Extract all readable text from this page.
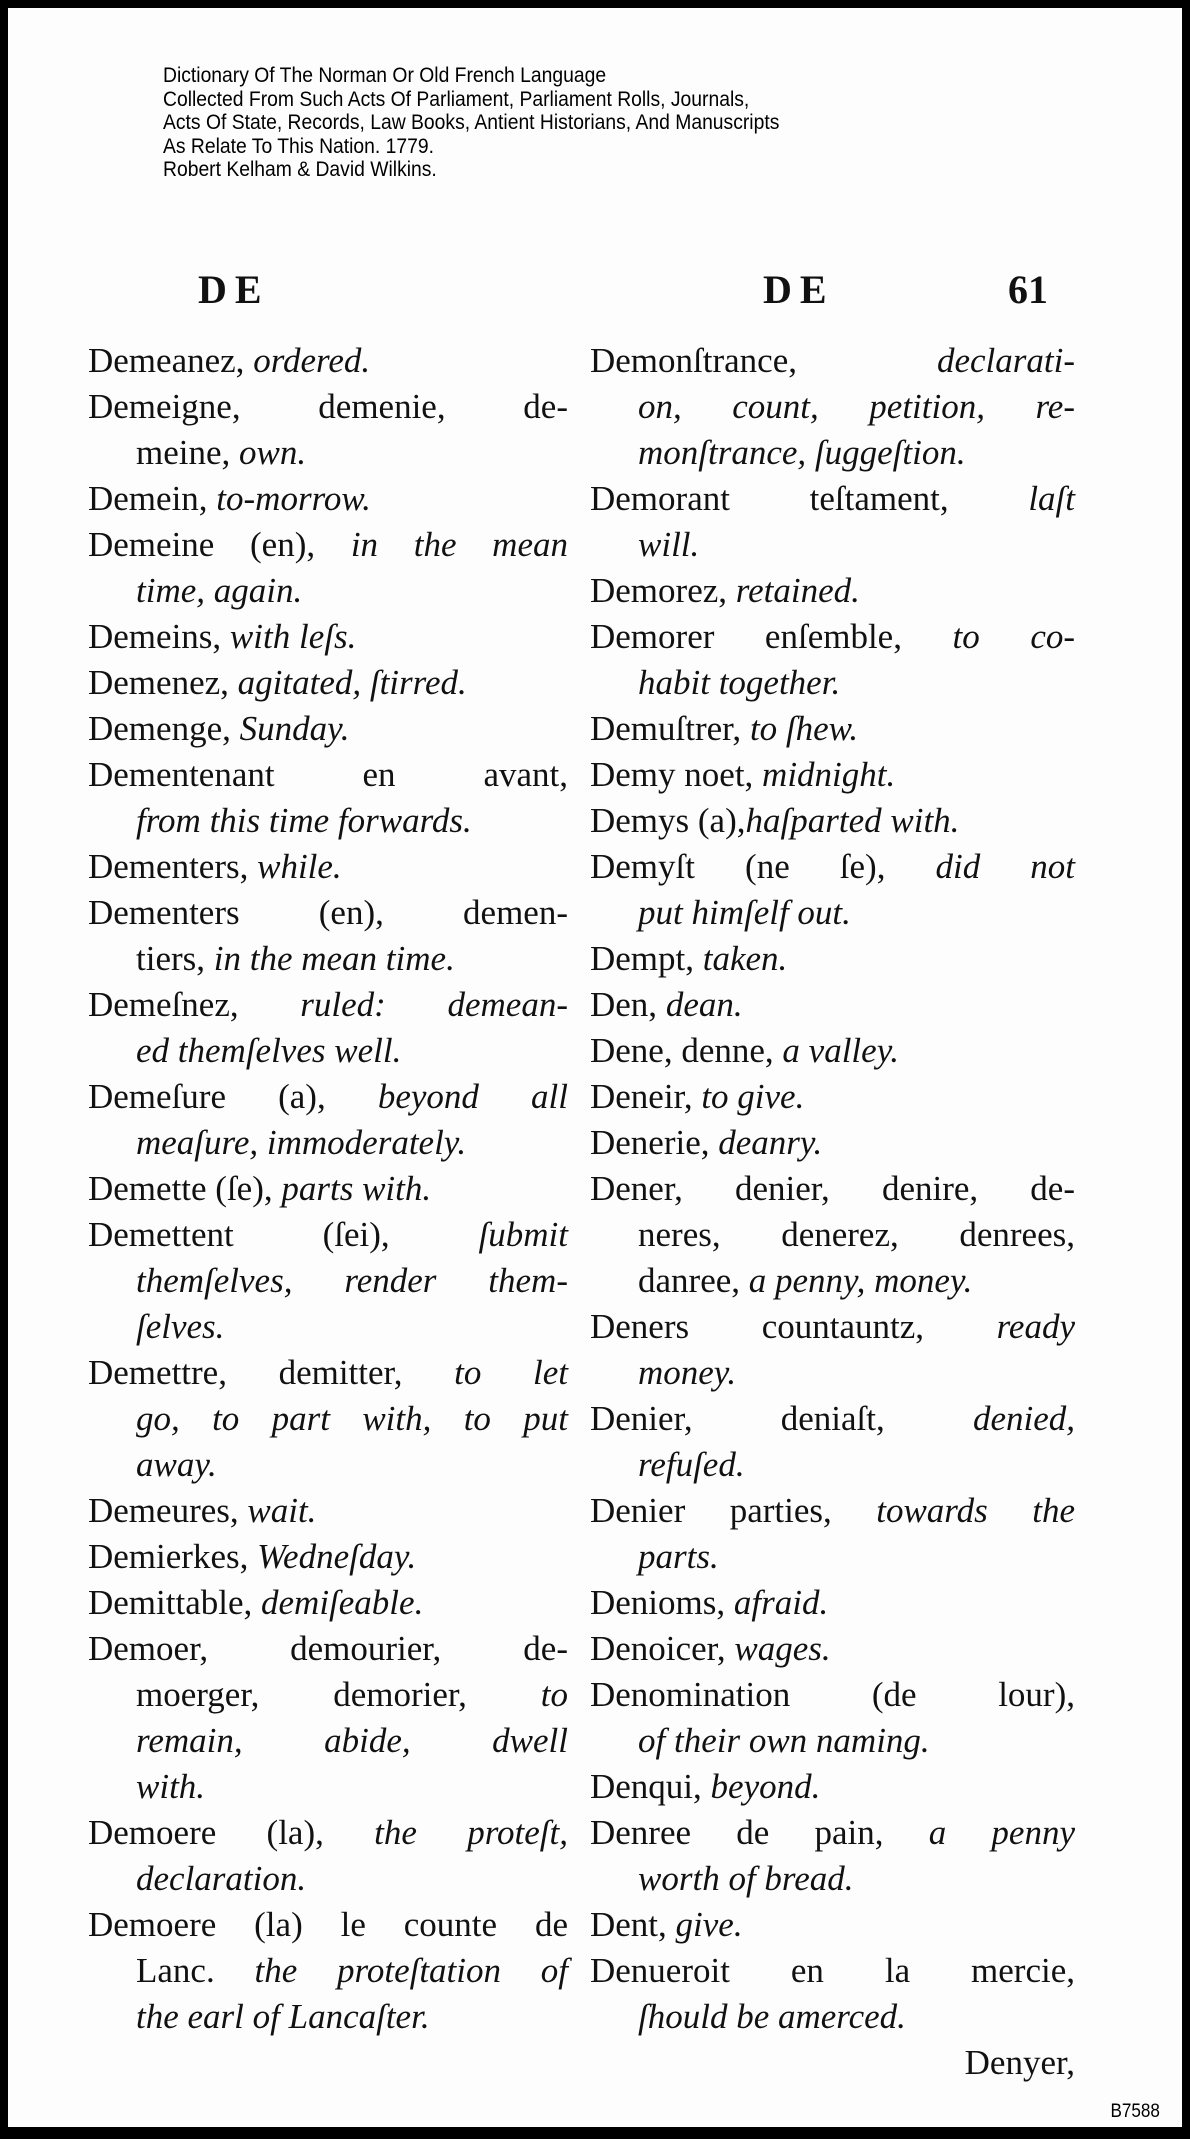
Dictionary Of The Norman Or Old French Language
Collected From Such Acts Of Parliament, Parliament Rolls, Journals,
Acts Of State, Records, Law Books, Antient Historians, And Manuscripts
As Relate To This Nation. 1779.
Robert Kelham & David Wilkins.
DE	DE	61
Demeanez, ordered.
Demeigne, demenie, de-
meine, own.
Demein, to-morrow.
Demeine (en), in the mean
time, again.
Demeins, with leſs.
Demenez, agitated, ſtirred.
Demenge, Sunday.
Dementenant en avant,
from this time forwards.
Dementers, while.
Dementers (en), demen-
tiers, in the mean time.
Demeſnez, ruled: demean-
ed themſelves well.
Demeſure (a), beyond all
meaſure, immoderately.
Demette (ſe), parts with.
Demettent (ſei), ſubmit
themſelves, render them-
ſelves.
Demettre, demitter, to let
go, to part with, to put
away.
Demeures, wait.
Demierkes, Wedneſday.
Demittable, demiſeable.
Demoer, demourier, de-
moerger, demorier, to
remain, abide, dwell
with.
Demoere (la), the proteſt,
declaration.
Demoere (la) le counte de
Lanc. the proteſtation of
the earl of Lancaſter.
Demonſtrance, declarati-
on, count, petition, re-
monſtrance, ſuggeſtion.
Demorant teſtament, laſt
will.
Demorez, retained.
Demorer enſemble, to co-
habit together.
Demuſtrer, to ſhew.
Demy noet, midnight.
Demys (a),haſparted with.
Demyſt (ne ſe), did not
put himſelf out.
Dempt, taken.
Den, dean.
Dene, denne, a valley.
Deneir, to give.
Denerie, deanry.
Dener, denier, denire, de-
neres, denerez, denrees,
danree, a penny, money.
Deners countauntz, ready
money.
Denier, deniaſt, denied,
refuſed.
Denier parties, towards the
parts.
Denioms, afraid.
Denoicer, wages.
Denomination (de lour),
of their own naming.
Denqui, beyond.
Denree de pain, a penny
worth of bread.
Dent, give.
Denueroit en la mercie,
ſhould be amerced.
Denyer,
B7588
